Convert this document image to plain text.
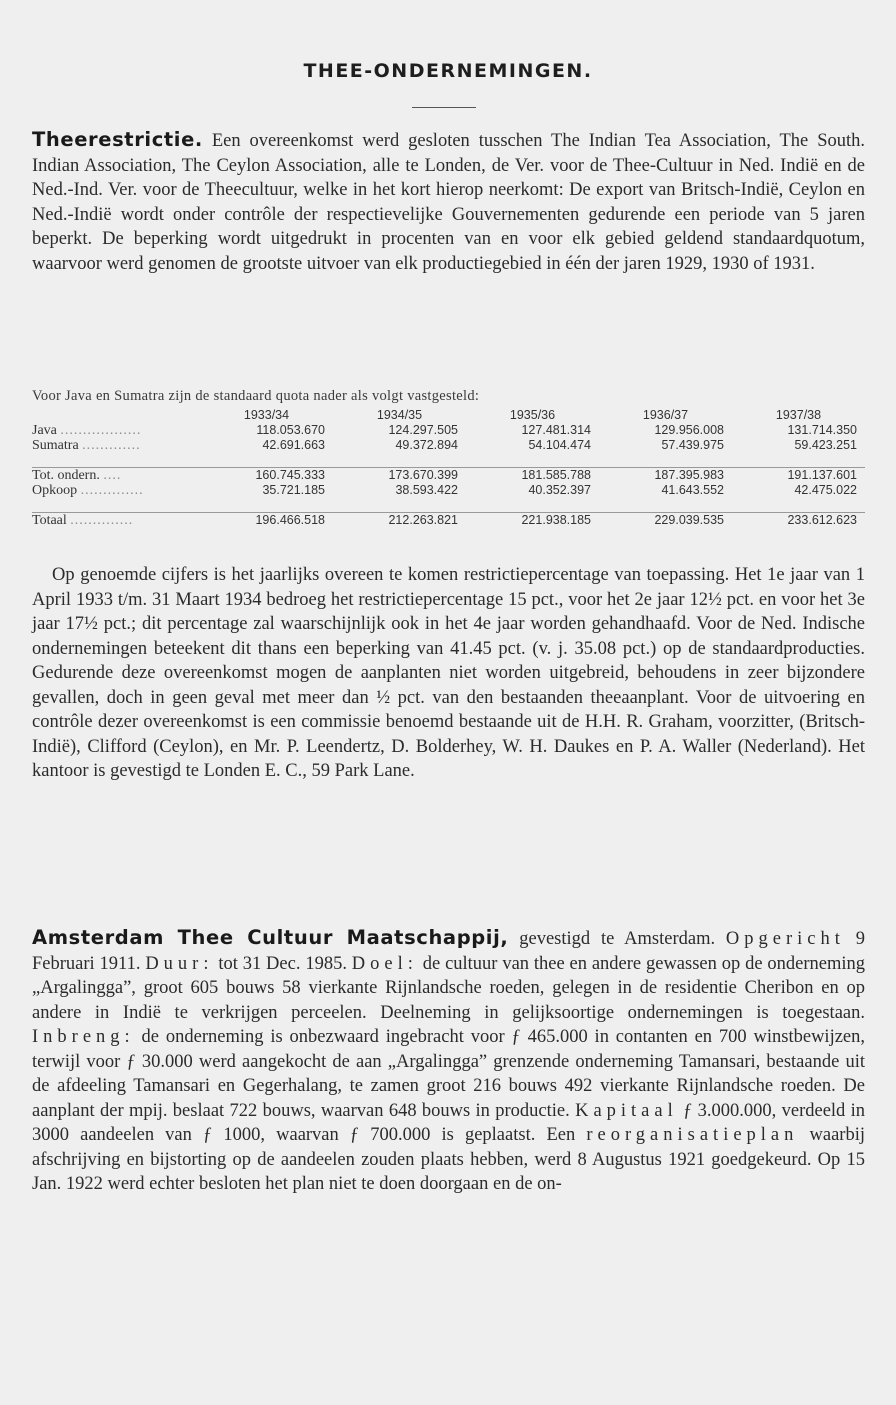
THEE-ONDERNEMINGEN.
Theerestrictie. Een overeenkomst werd gesloten tusschen The Indian Tea Association, The South. Indian Association, The Ceylon Association, alle te Londen, de Ver. voor de Thee-Cultuur in Ned. Indië en de Ned.-Ind. Ver. voor de Theecultuur, welke in het kort hierop neerkomt: De export van Britsch-Indië, Ceylon en Ned.-Indië wordt onder contrôle der respectievelijke Gouvernementen gedurende een periode van 5 jaren beperkt. De beperking wordt uitgedrukt in procenten van en voor elk gebied geldend standaardquotum, waarvoor werd genomen de grootste uitvoer van elk productiegebied in één der jaren 1929, 1930 of 1931.
Voor Java en Sumatra zijn de standaard quota nader als volgt vastgesteld:
	1933/34	1934/35	1935/36	1936/37	1937/38
Java ..................	118.053.670	124.297.505	127.481.314	129.956.008	131.714.350
Sumatra .............	42.691.663	49.372.894	54.104.474	57.439.975	59.423.251

Tot. ondern. ....	160.745.333	173.670.399	181.585.788	187.395.983	191.137.601
Opkoop ..............	35.721.185	38.593.422	40.352.397	41.643.552	42.475.022

Totaal ..............	196.466.518	212.263.821	221.938.185	229.039.535	233.612.623
Op genoemde cijfers is het jaarlijks overeen te komen restrictiepercentage van toepassing. Het 1e jaar van 1 April 1933 t/m. 31 Maart 1934 bedroeg het restrictiepercentage 15 pct., voor het 2e jaar 12½ pct. en voor het 3e jaar 17½ pct.; dit percentage zal waarschijnlijk ook in het 4e jaar worden gehandhaafd. Voor de Ned. Indische ondernemingen beteekent dit thans een beperking van 41.45 pct. (v. j. 35.08 pct.) op de standaardproducties. Gedurende deze overeenkomst mogen de aanplanten niet worden uitgebreid, behoudens in zeer bijzondere gevallen, doch in geen geval met meer dan ½ pct. van den bestaanden theeaanplant. Voor de uitvoering en contrôle dezer overeenkomst is een commissie benoemd bestaande uit de H.H. R. Graham, voorzitter, (Britsch-Indië), Clifford (Ceylon), en Mr. P. Leendertz, D. Bolderhey, W. H. Daukes en P. A. Waller (Nederland). Het kantoor is gevestigd te Londen E. C., 59 Park Lane.
Amsterdam Thee Cultuur Maatschappij, gevestigd te Amsterdam. Opgericht 9 Februari 1911. Duur: tot 31 Dec. 1985. Doel: de cultuur van thee en andere gewassen op de onderneming „Argalingga”, groot 605 bouws 58 vierkante Rijnlandsche roeden, gelegen in de residentie Cheribon en op andere in Indië te verkrijgen perceelen. Deelneming in gelijksoortige ondernemingen is toegestaan. Inbreng: de onderneming is onbezwaard ingebracht voor ƒ 465.000 in contanten en 700 winstbewijzen, terwijl voor ƒ 30.000 werd aangekocht de aan „Argalingga” grenzende onderneming Tamansari, bestaande uit de afdeeling Tamansari en Gegerhalang, te zamen groot 216 bouws 492 vierkante Rijnlandsche roeden. De aanplant der mpij. beslaat 722 bouws, waarvan 648 bouws in productie. Kapitaal ƒ 3.000.000, verdeeld in 3000 aandeelen van ƒ 1000, waarvan ƒ 700.000 is geplaatst. Een reorganisatieplan waarbij afschrijving en bijstorting op de aandeelen zouden plaats hebben, werd 8 Augustus 1921 goedgekeurd. Op 15 Jan. 1922 werd echter besloten het plan niet te doen doorgaan en de on-
